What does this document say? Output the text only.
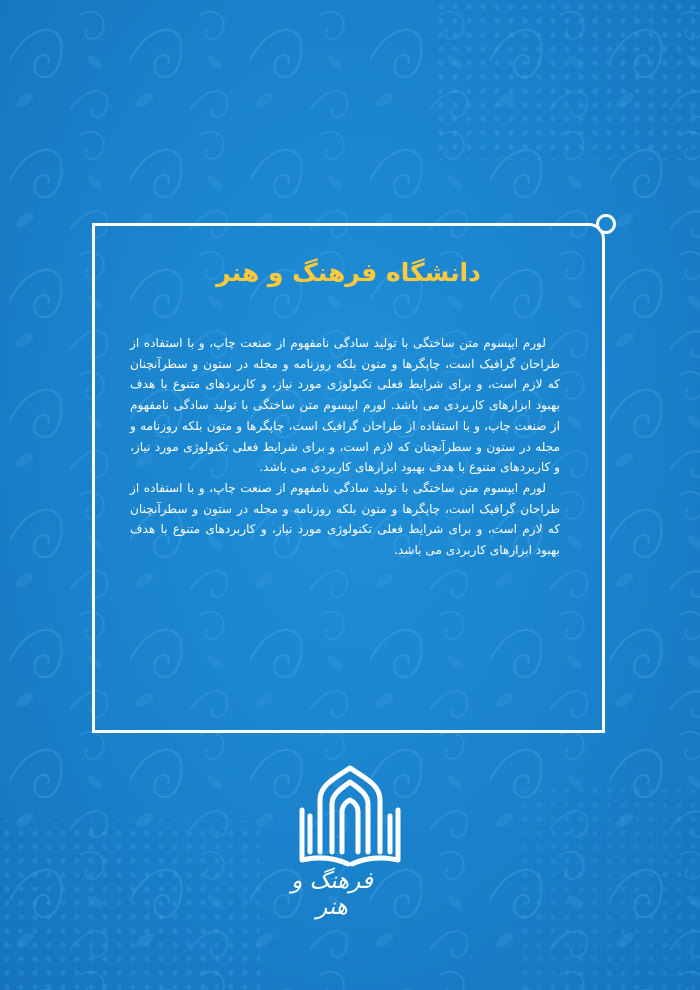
دانشگاه فرهنگ و هنر

لورم ایپسوم متن ساختگی با تولید سادگی نامفهوم از صنعت چاپ، و با استفاده از طراحان گرافیک است، چاپگرها و متون بلکه روزنامه و مجله در ستون و سطرآنچنان که لازم است، و برای شرایط فعلی تکنولوژی مورد نیاز، و کاربردهای متنوع با هدف بهبود ابزارهای کاربردی می باشد. لورم ایپسوم متن ساختگی با تولید سادگی نامفهوم از صنعت چاپ، و با استفاده از طراحان گرافیک است، چاپگرها و متون بلکه روزنامه و مجله در ستون و سطرآنچنان که لازم است، و برای شرایط فعلی تکنولوژی مورد نیاز، و کاربردهای متنوع با هدف بهبود ابزارهای کاربردی می باشد.

لورم ایپسوم متن ساختگی با تولید سادگی نامفهوم از صنعت چاپ، و با استفاده از طراحان گرافیک است، چاپگرها و متون بلکه روزنامه و مجله در ستون و سطرآنچنان که لازم است، و برای شرایط فعلی تکنولوژی مورد نیاز، و کاربردهای متنوع با هدف بهبود ابزارهای کاربردی می باشد.

فرهنگ و هنر
